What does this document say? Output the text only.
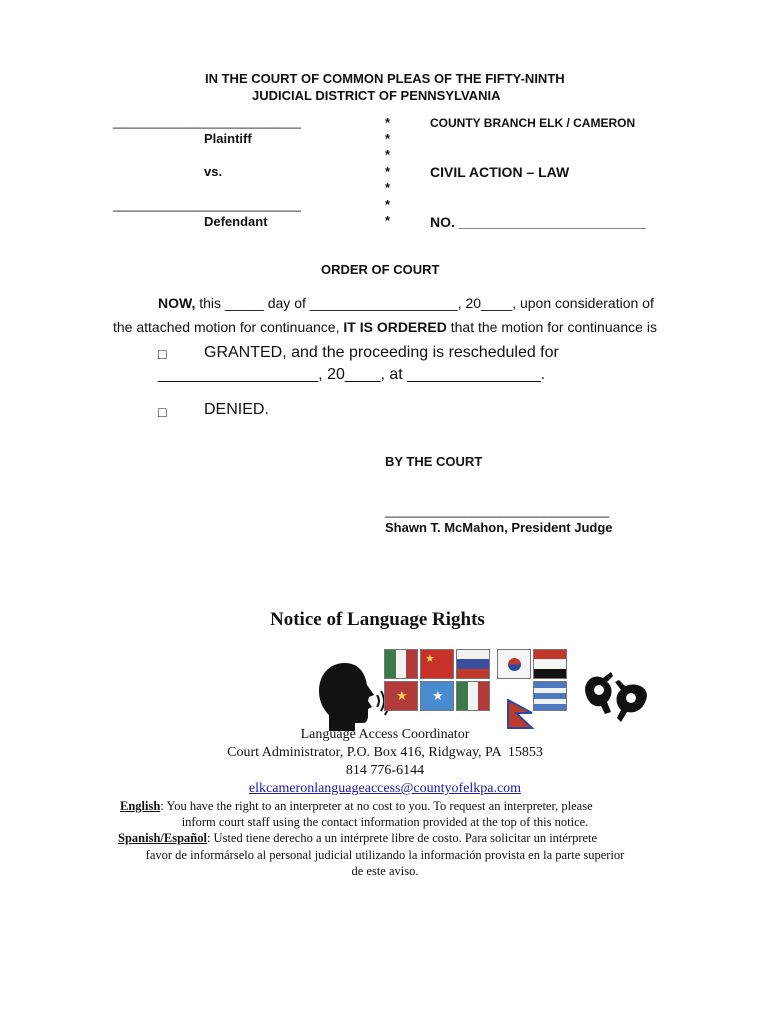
IN THE COURT OF COMMON PLEAS OF THE FIFTY-NINTH
JUDICIAL DISTRICT OF PENNSYLVANIA
__________________________
Plaintiff
vs.
__________________________
Defendant
*
*
*
*
*
*
*
COUNTY BRANCH ELK / CAMERON
CIVIL ACTION – LAW
NO. ________________________
ORDER OF COURT
NOW, this _____ day of ___________________, 20____, upon consideration of
the attached motion for continuance, IT IS ORDERED that the motion for continuance is
□ GRANTED, and the proceeding is rescheduled for
__________________, 20____, at _______________.
□ DENIED.
BY THE COURT
_______________________________
Shawn T. McMahon, President Judge
Notice of Language Rights

★
★ ★

Language Access Coordinator
Court Administrator, P.O. Box 416, Ridgway, PA  15853
814 776-6144
elkcameronlanguageaccess@countyofelkpa.com
English: You have the right to an interpreter at no cost to you. To request an interpreter, please
inform court staff using the contact information provided at the top of this notice.
Spanish/Español: Usted tiene derecho a un intérprete libre de costo. Para solicitar un intérprete
favor de informárselo al personal judicial utilizando la información provista en la parte superior
de este aviso.
